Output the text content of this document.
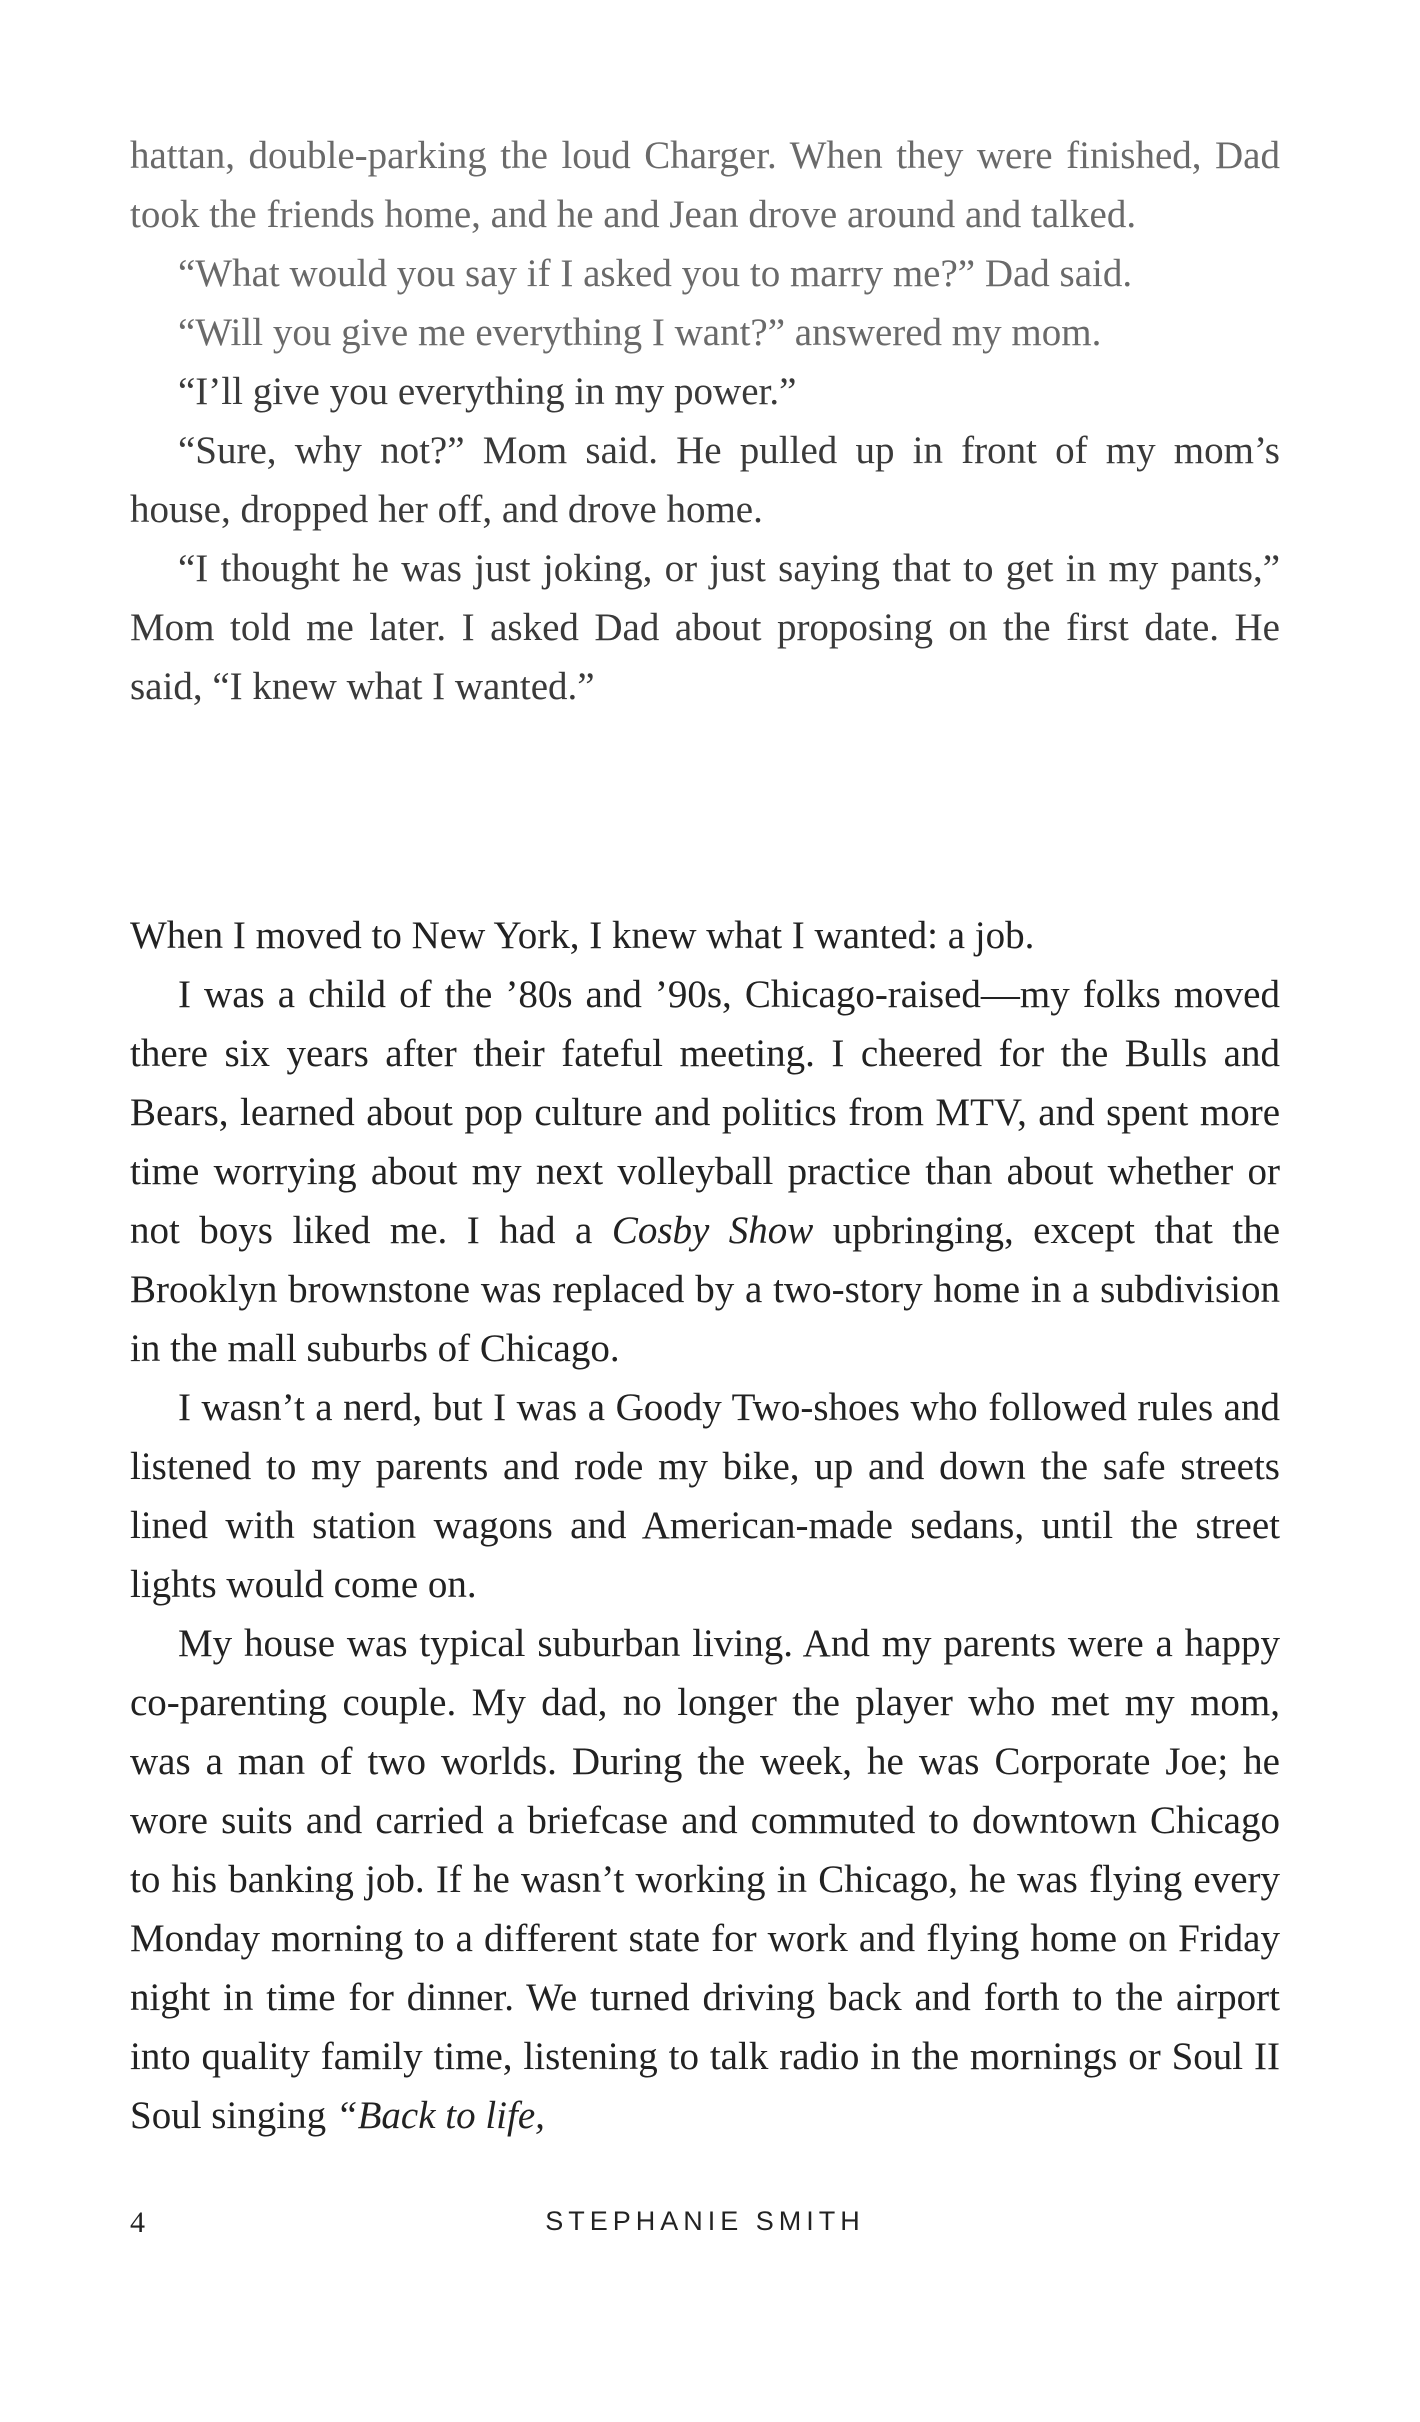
hattan, double-parking the loud Charger. When they were finished, Dad took the friends home, and he and Jean drove around and talked.

“What would you say if I asked you to marry me?” Dad said.

“Will you give me everything I want?” answered my mom.

“I’ll give you everything in my power.”

“Sure, why not?” Mom said. He pulled up in front of my mom’s house, dropped her off, and drove home.

“I thought he was just joking, or just saying that to get in my pants,” Mom told me later. I asked Dad about proposing on the first date. He said, “I knew what I wanted.”

When I moved to New York, I knew what I wanted: a job.

I was a child of the ’80s and ’90s, Chicago-raised—my folks moved there six years after their fateful meeting. I cheered for the Bulls and Bears, learned about pop culture and politics from MTV, and spent more time worrying about my next volleyball practice than about whether or not boys liked me. I had a Cosby Show upbringing, except that the Brooklyn brownstone was replaced by a two-story home in a subdivision in the mall suburbs of Chicago.

I wasn’t a nerd, but I was a Goody Two-shoes who followed rules and listened to my parents and rode my bike, up and down the safe streets lined with station wagons and American-made sedans, until the street lights would come on.

My house was typical suburban living. And my parents were a happy co-parenting couple. My dad, no longer the player who met my mom, was a man of two worlds. During the week, he was Corporate Joe; he wore suits and carried a briefcase and commuted to downtown Chicago to his banking job. If he wasn’t working in Chicago, he was flying every Monday morning to a different state for work and flying home on Friday night in time for dinner. We turned driving back and forth to the airport into quality family time, listening to talk radio in the mornings or Soul II Soul singing “Back to life,

4	STEPHANIE SMITH
